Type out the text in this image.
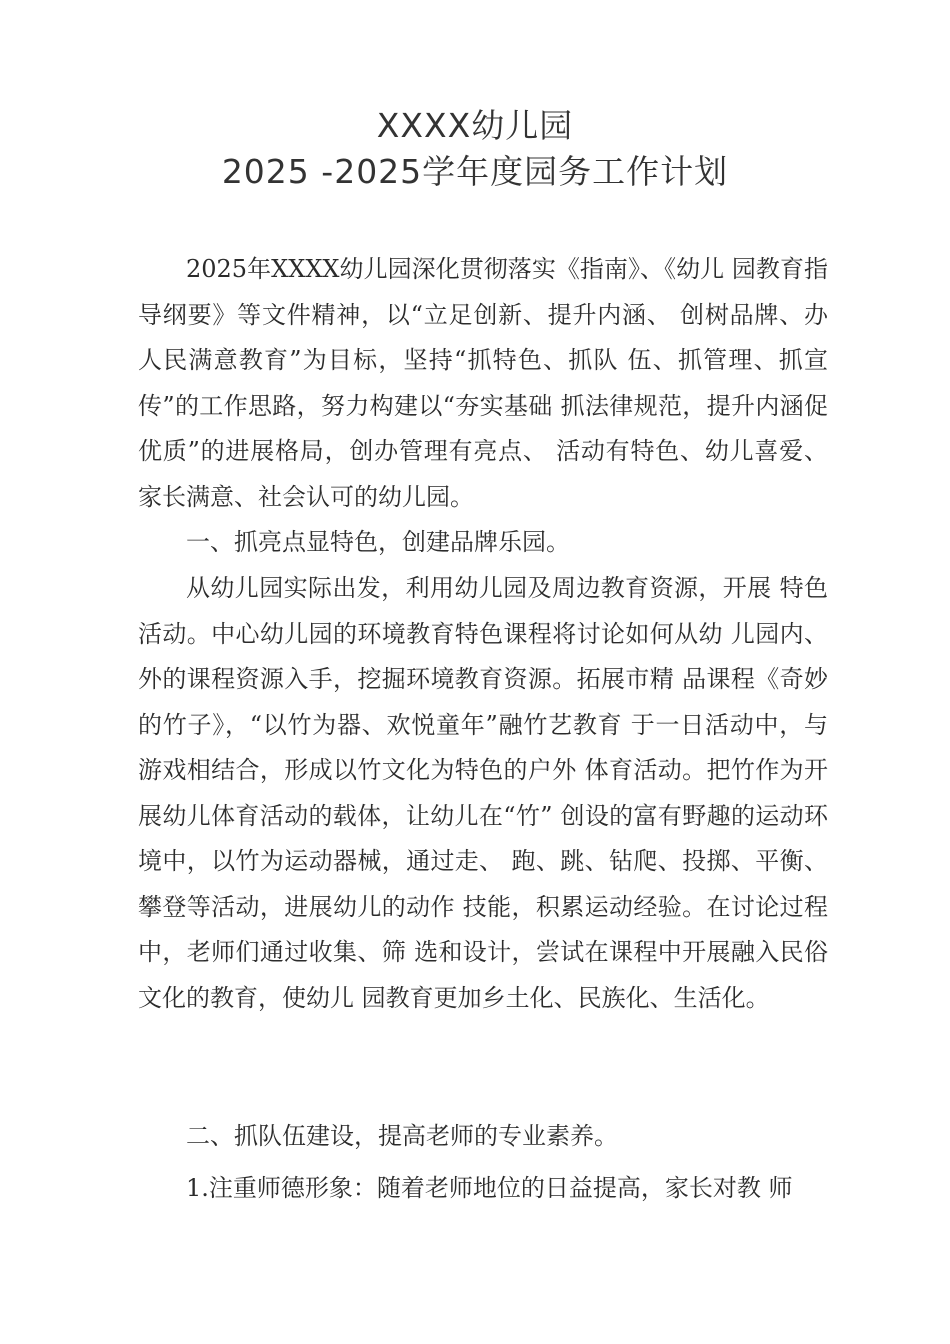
XXXX幼儿园
2025 -2025学年度园务工作计划

2025年XXXX幼儿园深化贯彻落实《指南》、《幼儿 园教育指导纲要》等文件精神，以“立足创新、提升内涵、 创树品牌、办人民满意教育”为目标，坚持“抓特色、抓队 伍、抓管理、抓宣传”的工作思路，努力构建以“夯实基础 抓法律规范，提升内涵促优质”的进展格局，创办管理有亮点、 活动有特色、幼儿喜爱、家长满意、社会认可的幼儿园。

一、抓亮点显特色，创建品牌乐园。

从幼儿园实际出发，利用幼儿园及周边教育资源，开展 特色活动。中心幼儿园的环境教育特色课程将讨论如何从幼 儿园内、外的课程资源入手，挖掘环境教育资源。拓展市精 品课程《奇妙的竹子》，“以竹为器、欢悦童年”融竹艺教育 于一日活动中，与游戏相结合，形成以竹文化为特色的户外 体育活动。把竹作为开展幼儿体育活动的载体，让幼儿在“竹” 创设的富有野趣的运动环境中，以竹为运动器械，通过走、 跑、跳、钻爬、投掷、平衡、攀登等活动，进展幼儿的动作 技能，积累运动经验。在讨论过程中，老师们通过收集、筛 选和设计，尝试在课程中开展融入民俗文化的教育，使幼儿 园教育更加乡土化、民族化、生活化。

二、抓队伍建设，提高老师的专业素养。

1.注重师德形象：随着老师地位的日益提高，家长对教 师
